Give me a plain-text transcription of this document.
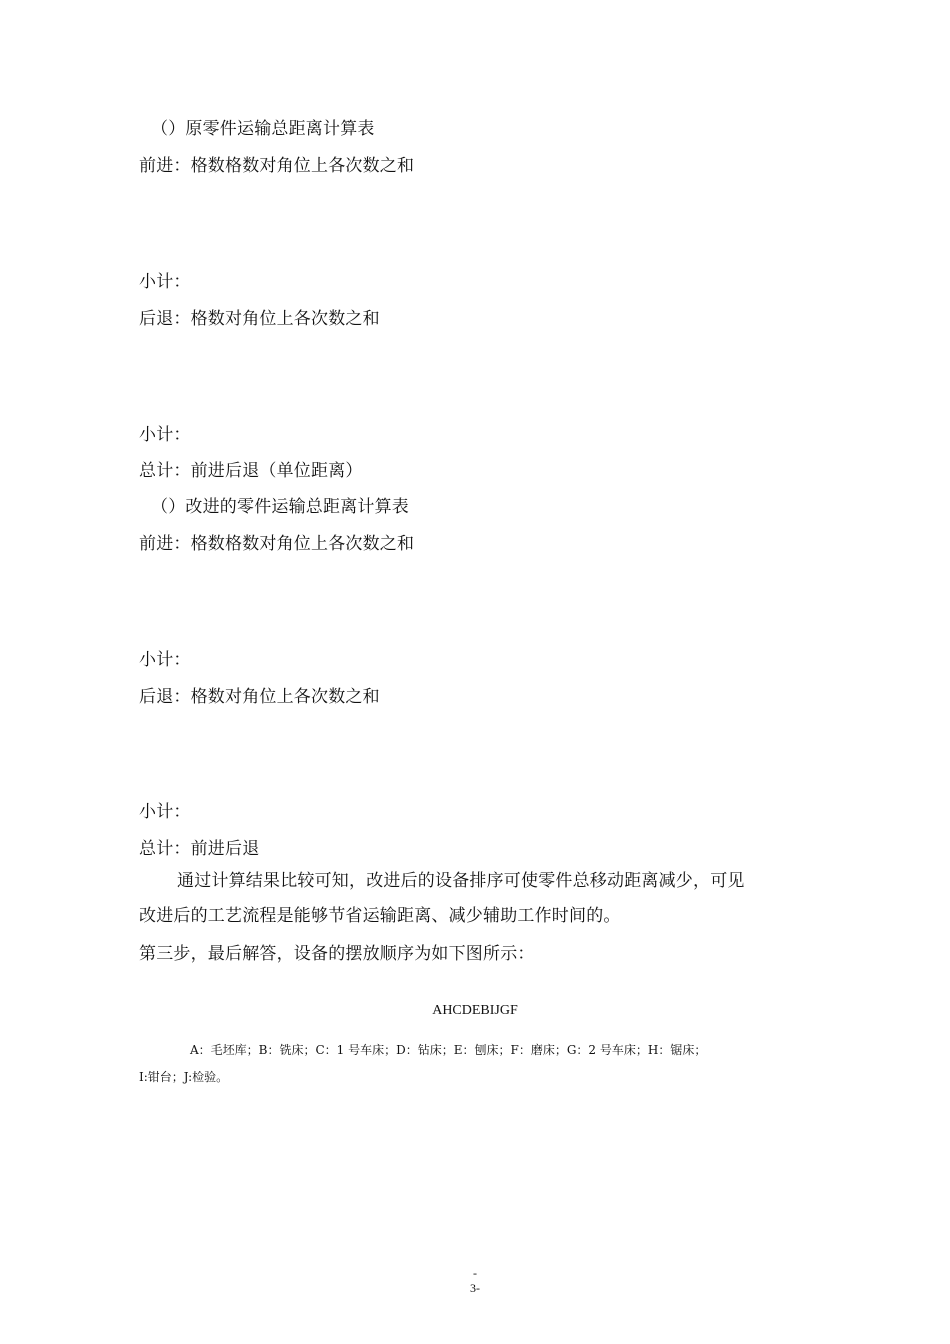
（）原零件运输总距离计算表
前进：格数格数对角位上各次数之和
小计：
后退：格数对角位上各次数之和
小计：
总计：前进后退（单位距离）
（）改进的零件运输总距离计算表
前进：格数格数对角位上各次数之和
小计：
后退：格数对角位上各次数之和
小计：
总计：前进后退
通过计算结果比较可知，改进后的设备排序可使零件总移动距离减少，可见
改进后的工艺流程是能够节省运输距离、减少辅助工作时间的。
第三步，最后解答，设备的摆放顺序为如下图所示：
AHCDEBIJGF
A：毛坯库；B：铣床；C：1 号车床；D：钻床；E：刨床；F：磨床；G：2 号车床；H：锯床；
I:钳台；J:检验。
-
3-
